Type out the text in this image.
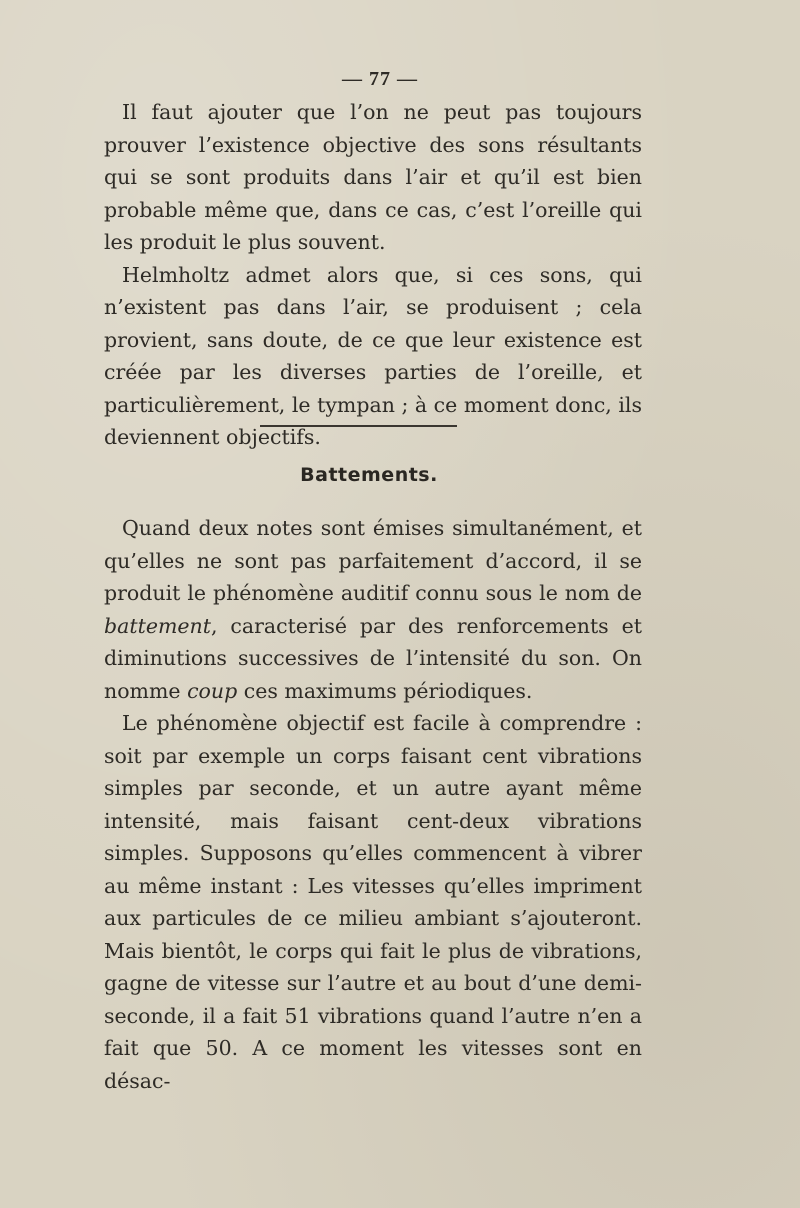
— 77 —

Il faut ajouter que l’on ne peut pas toujours prouver l’existence objective des sons résultants qui se sont produits dans l’air et qu’il est bien probable même que, dans ce cas, c’est l’oreille qui les produit le plus souvent.

Helmholtz admet alors que, si ces sons, qui n’existent pas dans l’air, se produisent ; cela provient, sans doute, de ce que leur existence est créée par les diverses parties de l’oreille, et particulièrement, le tympan ; à ce moment donc, ils deviennent objectifs.

Battements.

Quand deux notes sont émises simultanément, et qu’elles ne sont pas parfaitement d’accord, il se produit le phénomène auditif connu sous le nom de battement, caracterisé par des renforcements et diminutions successives de l’intensité du son. On nomme coup ces maximums périodiques.

Le phénomène objectif est facile à comprendre : soit par exemple un corps faisant cent vibrations simples par seconde, et un autre ayant même intensité, mais faisant cent-deux vibrations simples. Supposons qu’elles commencent à vibrer au même instant : Les vitesses qu’elles impriment aux particules de ce milieu ambiant s’ajouteront. Mais bientôt, le corps qui fait le plus de vibrations, gagne de vitesse sur l’autre et au bout d’une demi-seconde, il a fait 51 vibrations quand l’autre n’en a fait que 50. A ce moment les vitesses sont en désac-
